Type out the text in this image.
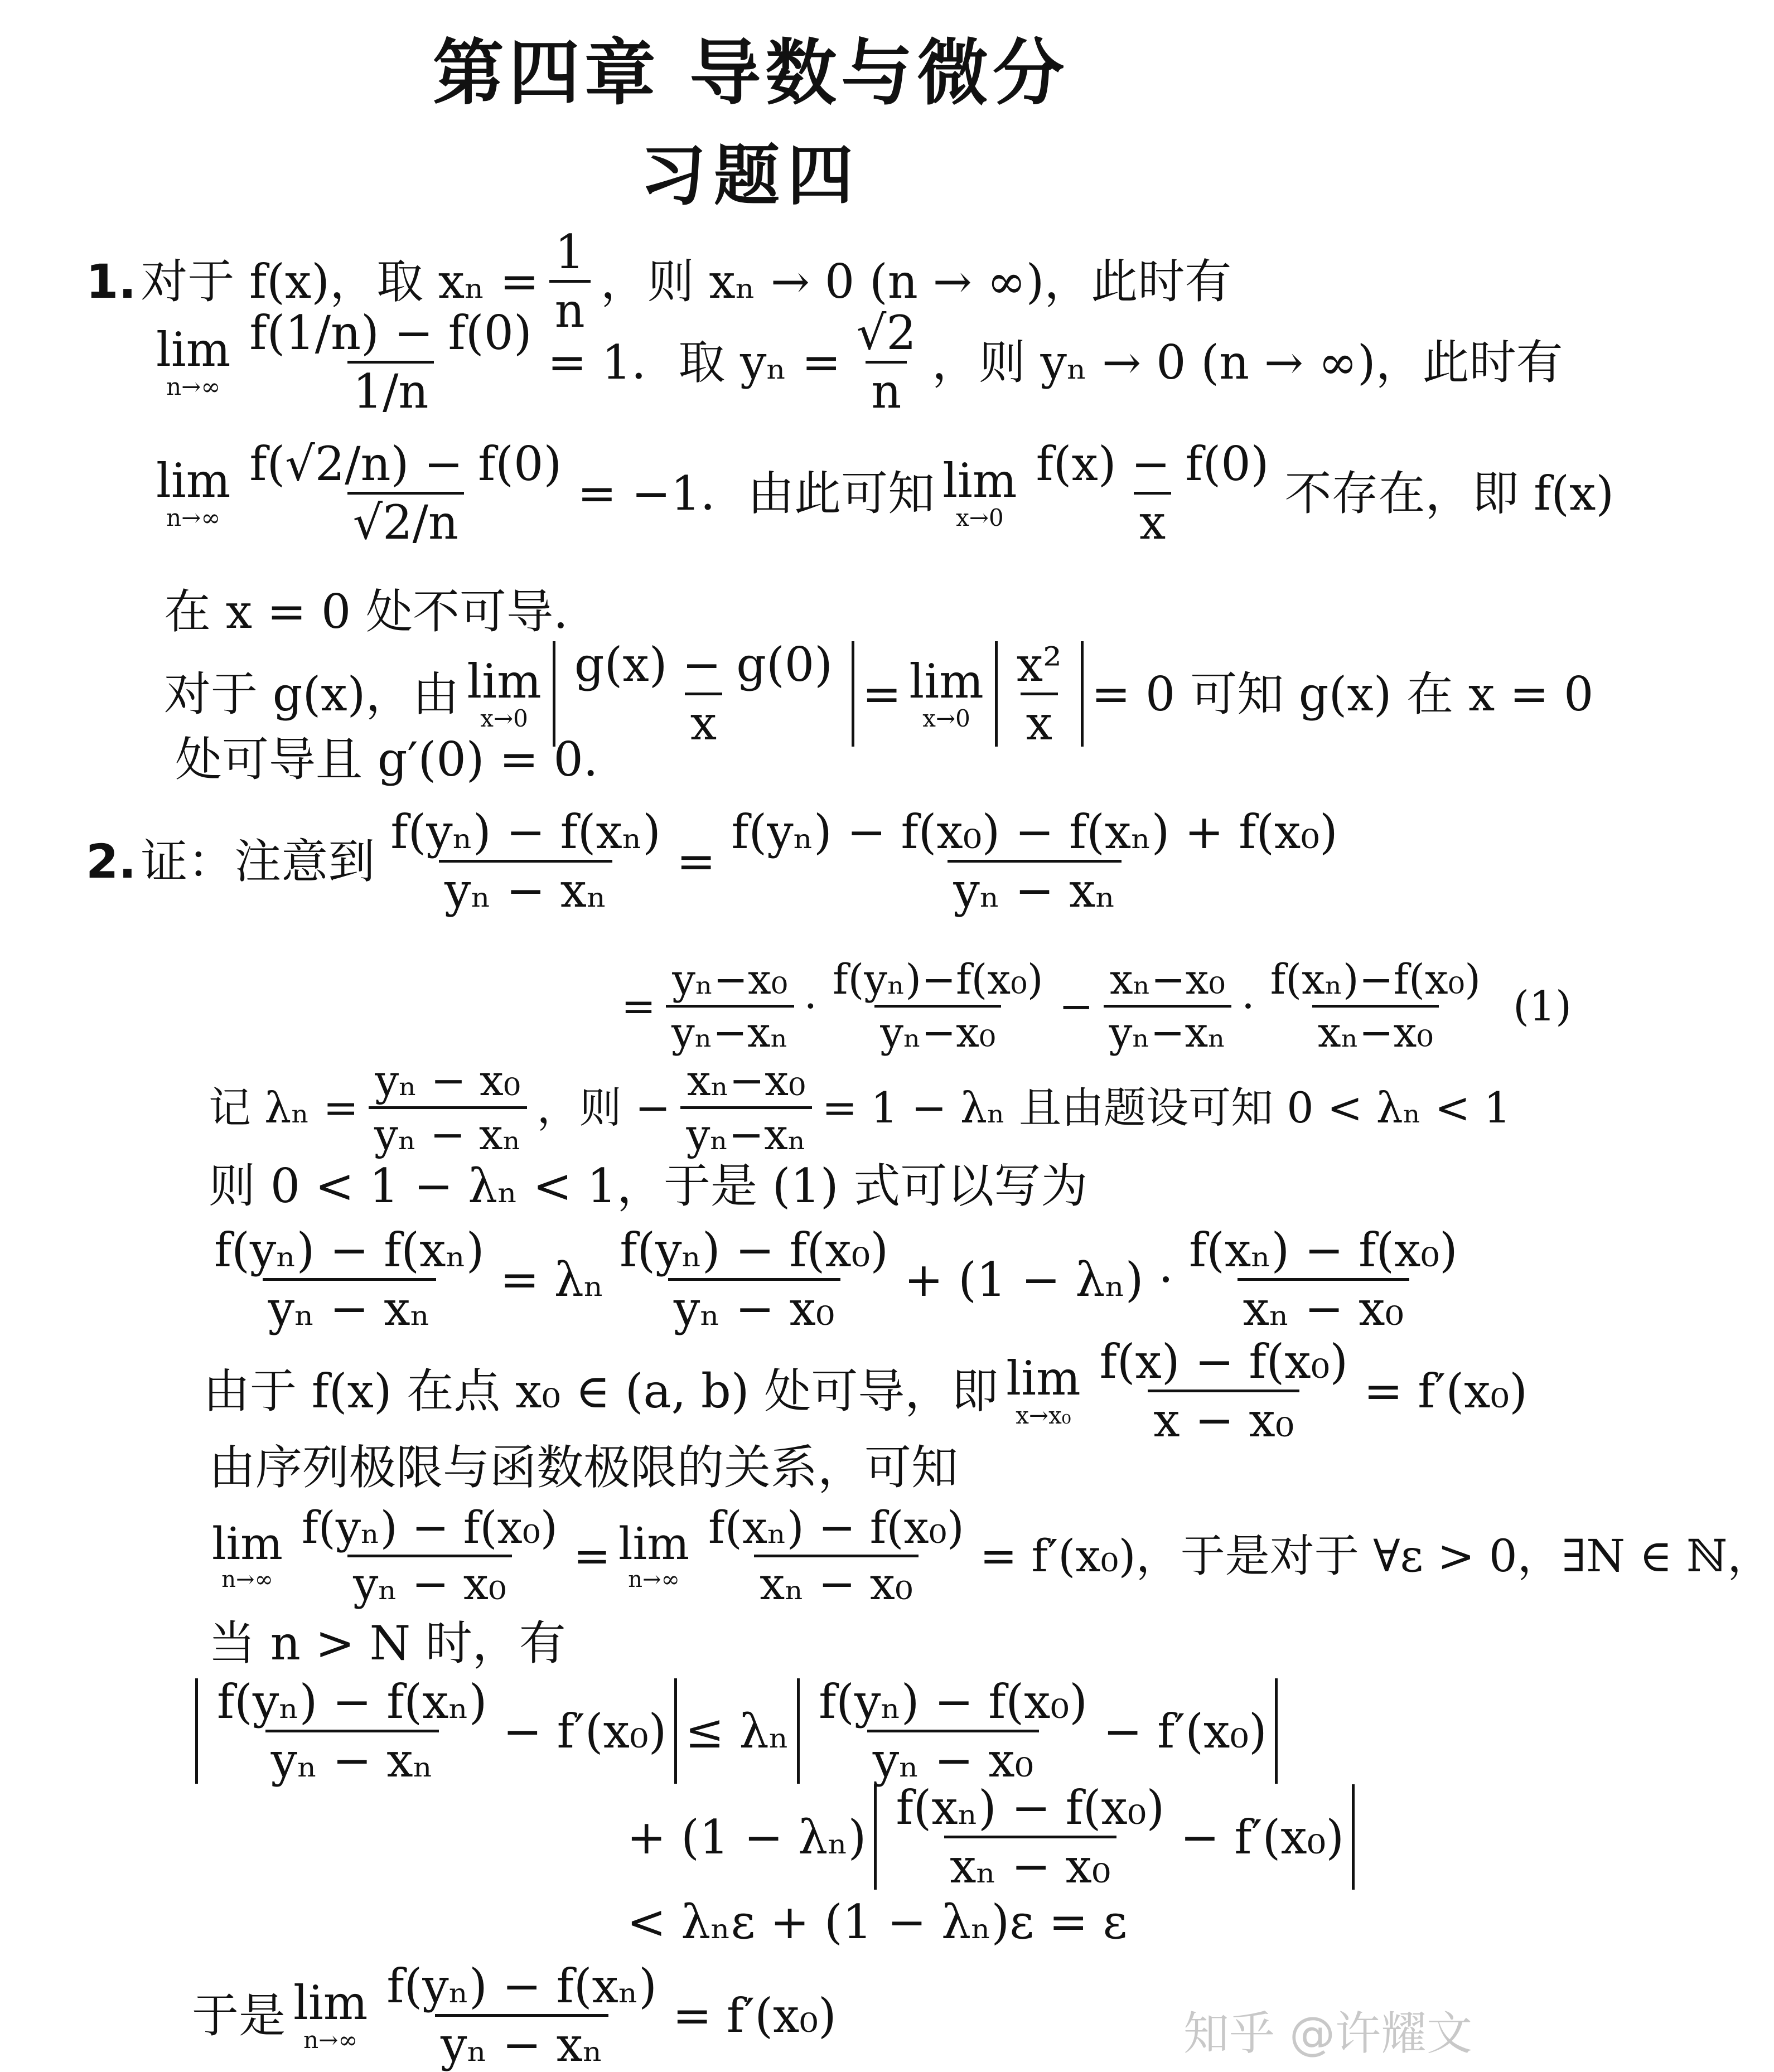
第四章 导数与微分
习题四
1. 对于 f(x)，取 $x_n = \frac{1}{n}$ ，则 xₙ → 0 (n → ∞)，此时有
lim
$n\to\infty \frac{f(1/n) - f(0)}{1/n} = 1$．取 $y_n = \frac{√2}{n}$ ，则 yₙ → 0 (n → ∞)，此时有
lim
$n\to\infty \frac{f(√2/n) - f(0)}{√2/n} = -1$．由此可知 lim
$x\to 0 \frac{f(x) - f(0)}{x}$ 不存在，即 f(x)
在 x = 0 处不可导.
对于 g(x)，由 lim
$x\to 0 \frac{g(x) - g(0)}{x} = \lim$
$x\to 0 \frac{\text{x²}}{x} = 0$ 可知 g(x) 在 x = 0
处可导且 g′(0) = 0.
2. 证：注意到 $\frac{\text{f(yₙ) − f(xₙ)}}{\text{yₙ − xₙ}} = \frac{\text{f(yₙ) − f(x₀) − f(xₙ) + f(x₀)}}{\text{yₙ − xₙ}}$
= $\frac{\text{yₙ−x₀}}{\text{yₙ−xₙ}} \cdot \frac{\text{f(yₙ)−f(x₀)}}{\text{yₙ−x₀}} - \frac{\text{xₙ−x₀}}{\text{yₙ−xₙ}} \cdot \frac{\text{f(xₙ)−f(x₀)}}{\text{xₙ−x₀}} (1)$
记 $\lambda_n = \frac{\text{yₙ − x₀}}{\text{yₙ − xₙ}}$ ，则 − $\frac{\text{xₙ−x₀}}{\text{yₙ−xₙ}} = 1 - \lambda_n$ 且由题设可知 0 < λₙ < 1
则 0 < 1 − λₙ < 1，于是 (1) 式可以写为
$\frac{\text{f(yₙ) − f(xₙ)}}{\text{yₙ − xₙ}} = \lambda_n \frac{\text{f(yₙ) − f(x₀)}}{\text{yₙ − x₀}} + (1 - \lambda_n) \cdot \frac{\text{f(xₙ) − f(x₀)}}{\text{xₙ − x₀}}$
由于 f(x) 在点 x₀ ∈ (a, b) 处可导，即 lim
$x\to x_0 \frac{\text{f(x) − f(x₀)}}{\text{x − x₀}} = f'(x_0)$
由序列极限与函数极限的关系，可知
lim
$n\to\infty \frac{\text{f(yₙ) − f(x₀)}}{\text{yₙ − x₀}} = \lim$
$n\to\infty \frac{\text{f(xₙ) − f(x₀)}}{\text{xₙ − x₀}} = f'(x_0)$，于是对于 ∀ε > 0，∃N ∈ ℕ，
当 n > N 时，有
$\frac{\text{f(yₙ) − f(xₙ)}}{\text{yₙ − xₙ}} - f'(x_0) \le \lambda_n \frac{\text{f(yₙ) − f(x₀)}}{\text{yₙ − x₀}} - f'(x_0)$
+ $(1 - \lambda_n) \frac{\text{f(xₙ) − f(x₀)}}{\text{xₙ − x₀}} - f'(x_0)$
< λₙε + (1 − λₙ)ε = ε
于是 lim
$n\to\infty \frac{\text{f(yₙ) − f(xₙ)}}{\text{yₙ − xₙ}} = f'(x_0)$	知乎 @许耀文
